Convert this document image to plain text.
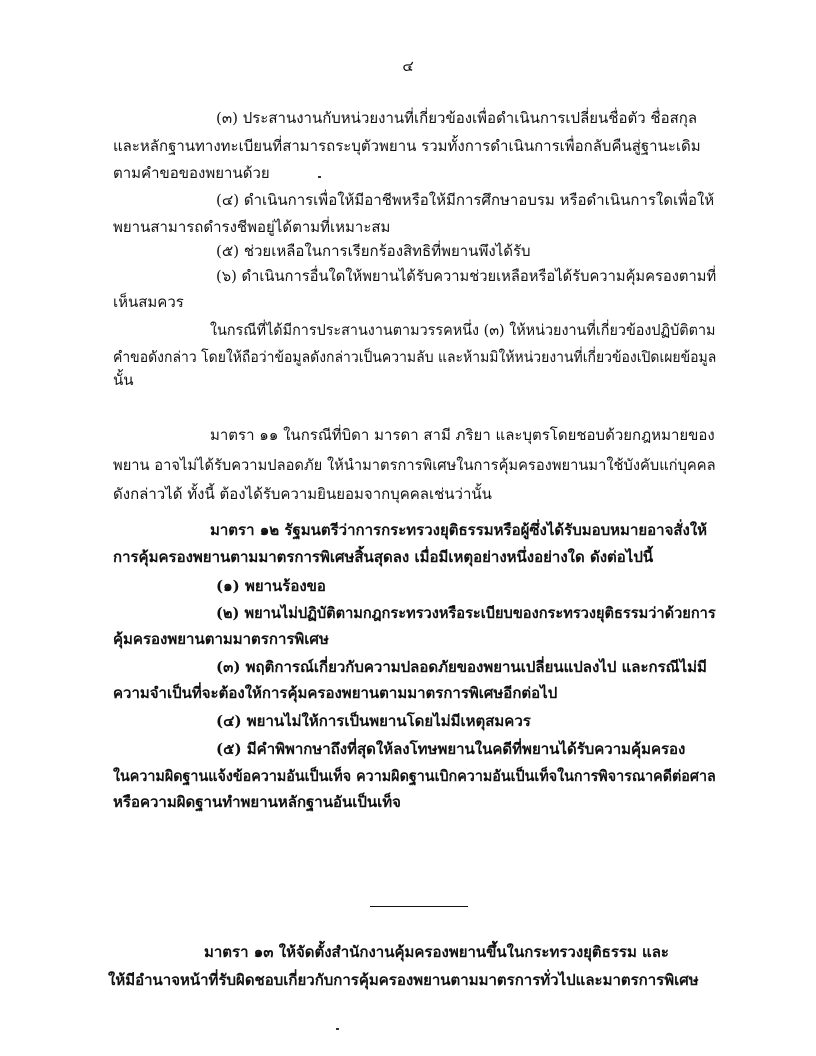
๔
(๓) ประสานงานกับหน่วยงานที่เกี่ยวข้องเพื่อดำเนินการเปลี่ยนชื่อตัว ชื่อสกุล
และหลักฐานทางทะเบียนที่สามารถระบุตัวพยาน รวมทั้งการดำเนินการเพื่อกลับคืนสู่ฐานะเดิม
ตามคำขอของพยานด้วย
(๔) ดำเนินการเพื่อให้มีอาชีพหรือให้มีการศึกษาอบรม หรือดำเนินการใดเพื่อให้
พยานสามารถดำรงชีพอยู่ได้ตามที่เหมาะสม
(๕) ช่วยเหลือในการเรียกร้องสิทธิที่พยานพึงได้รับ
(๖) ดำเนินการอื่นใดให้พยานได้รับความช่วยเหลือหรือได้รับความคุ้มครองตามที่
เห็นสมควร
ในกรณีที่ได้มีการประสานงานตามวรรคหนึ่ง (๓) ให้หน่วยงานที่เกี่ยวข้องปฏิบัติตาม
คำขอดังกล่าว โดยให้ถือว่าข้อมูลดังกล่าวเป็นความลับ และห้ามมิให้หน่วยงานที่เกี่ยวข้องเปิดเผยข้อมูล
นั้น
มาตรา ๑๑ ในกรณีที่บิดา มารดา สามี ภริยา และบุตรโดยชอบด้วยกฎหมายของ
พยาน อาจไม่ได้รับความปลอดภัย ให้นำมาตรการพิเศษในการคุ้มครองพยานมาใช้บังคับแก่บุคคล
ดังกล่าวได้ ทั้งนี้ ต้องได้รับความยินยอมจากบุคคลเช่นว่านั้น
มาตรา ๑๒ รัฐมนตรีว่าการกระทรวงยุติธรรมหรือผู้ซึ่งได้รับมอบหมายอาจสั่งให้
การคุ้มครองพยานตามมาตรการพิเศษสิ้นสุดลง เมื่อมีเหตุอย่างหนึ่งอย่างใด ดังต่อไปนี้
(๑) พยานร้องขอ
(๒) พยานไม่ปฏิบัติตามกฎกระทรวงหรือระเบียบของกระทรวงยุติธรรมว่าด้วยการ
คุ้มครองพยานตามมาตรการพิเศษ
(๓) พฤติการณ์เกี่ยวกับความปลอดภัยของพยานเปลี่ยนแปลงไป และกรณีไม่มี
ความจำเป็นที่จะต้องให้การคุ้มครองพยานตามมาตรการพิเศษอีกต่อไป
(๔) พยานไม่ให้การเป็นพยานโดยไม่มีเหตุสมควร
(๕) มีคำพิพากษาถึงที่สุดให้ลงโทษพยานในคดีที่พยานได้รับความคุ้มครอง
ในความผิดฐานแจ้งข้อความอันเป็นเท็จ ความผิดฐานเบิกความอันเป็นเท็จในการพิจารณาคดีต่อศาล
หรือความผิดฐานทำพยานหลักฐานอันเป็นเท็จ
มาตรา ๑๓ ให้จัดตั้งสำนักงานคุ้มครองพยานขึ้นในกระทรวงยุติธรรม และ
ให้มีอำนาจหน้าที่รับผิดชอบเกี่ยวกับการคุ้มครองพยานตามมาตรการทั่วไปและมาตรการพิเศษ
